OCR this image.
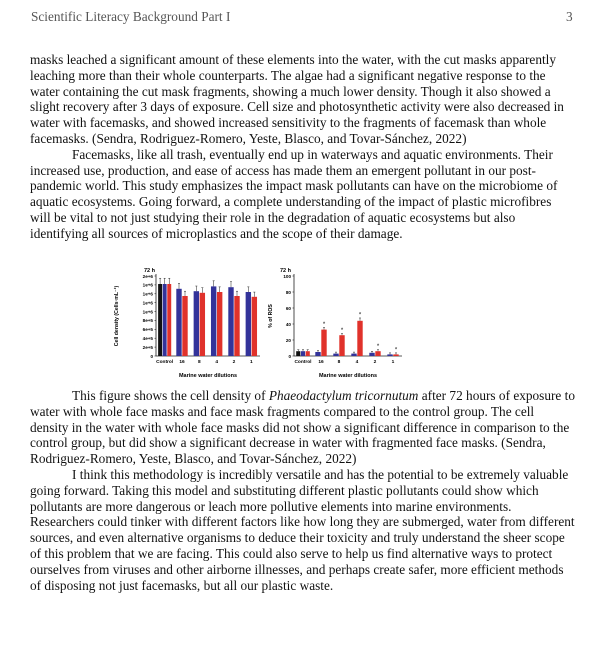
Scientific Literacy Background Part I	3

masks leached a significant amount of these elements into the water, with the cut masks apparently leaching more than their whole counterparts. The algae had a significant negative response to the water containing the cut mask fragments, showing a much lower density. Though it also showed a slight recovery after 3 days of exposure. Cell size and photosynthetic activity were also decreased in water with facemasks, and showed increased sensitivity to the fragments of facemask than whole facemasks. (Sendra, Rodriguez-Romero, Yeste, Blasco, and Tovar-Sánchez, 2022)

Facemasks, like all trash, eventually end up in waterways and aquatic environments. Their increased use, production, and ease of access has made them an emergent pollutant in our post-pandemic world. This study emphasizes the impact mask pollutants can have on the microbiome of aquatic ecosystems. Going forward, a complete understanding of the impact of plastic microfibres will be vital to not just studying their role in the degradation of aquatic ecosystems but also identifying all sources of microplastics and the scope of their damage.

72 h
0
2e+5
4e+5
6e+5
8e+5
1e+6
1e+6
1e+6
1e+6
2e+6
Control 16	8	4	2	1
Marine water dilutions
Cell density (Cells·mL⁻¹)
72 h
0
20
40
60
80
100
*
*
*
*
*
Control 16	8	4	2	1
Marine water dilutions
% of ROS

This figure shows the cell density of Phaeodactylum tricornutum after 72 hours of exposure to water with whole face masks and face mask fragments compared to the control group. The cell density in the water with whole face masks did not show a significant difference in comparison to the control group, but did show a significant decrease in water with fragmented face masks. (Sendra, Rodriguez-Romero, Yeste, Blasco, and Tovar-Sánchez, 2022)

I think this methodology is incredibly versatile and has the potential to be extremely valuable going forward. Taking this model and substituting different plastic pollutants could show which pollutants are more dangerous or leach more pollutive elements into marine environments. Researchers could tinker with different factors like how long they are submerged, water from different sources, and even alternative organisms to deduce their toxicity and truly understand the sheer scope of this problem that we are facing. This could also serve to help us find alternative ways to protect ourselves from viruses and other airborne illnesses, and perhaps create safer, more efficient methods of disposing not just facemasks, but all our plastic waste.
